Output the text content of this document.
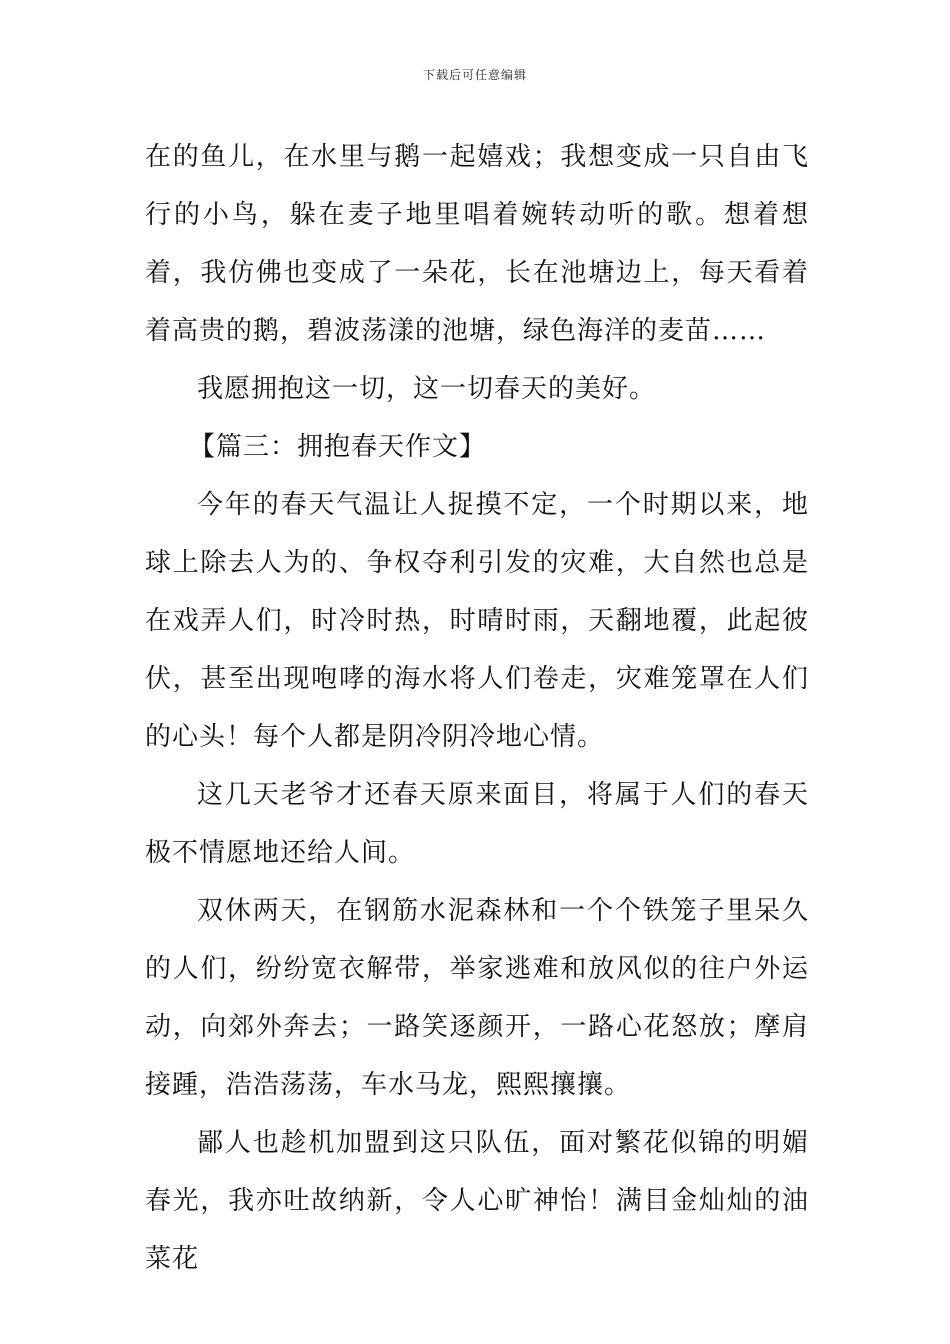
下载后可任意编辑

在的鱼儿，在水里与鹅一起嬉戏；我想变成一只自由飞行的小鸟，躲在麦子地里唱着婉转动听的歌。想着想着，我仿佛也变成了一朵花，长在池塘边上，每天看着着高贵的鹅，碧波荡漾的池塘，绿色海洋的麦苗……

我愿拥抱这一切，这一切春天的美好。

【篇三：拥抱春天作文】

今年的春天气温让人捉摸不定，一个时期以来，地球上除去人为的、争权夺利引发的灾难，大自然也总是在戏弄人们，时冷时热，时晴时雨，天翻地覆，此起彼伏，甚至出现咆哮的海水将人们卷走，灾难笼罩在人们的心头！每个人都是阴冷阴冷地心情。

这几天老爷才还春天原来面目，将属于人们的春天极不情愿地还给人间。

双休两天，在钢筋水泥森林和一个个铁笼子里呆久的人们，纷纷宽衣解带，举家逃难和放风似的往户外运动，向郊外奔去；一路笑逐颜开，一路心花怒放；摩肩接踵，浩浩荡荡，车水马龙，熙熙攘攘。

鄙人也趁机加盟到这只队伍，面对繁花似锦的明媚春光，我亦吐故纳新，令人心旷神怡！满目金灿灿的油菜花
